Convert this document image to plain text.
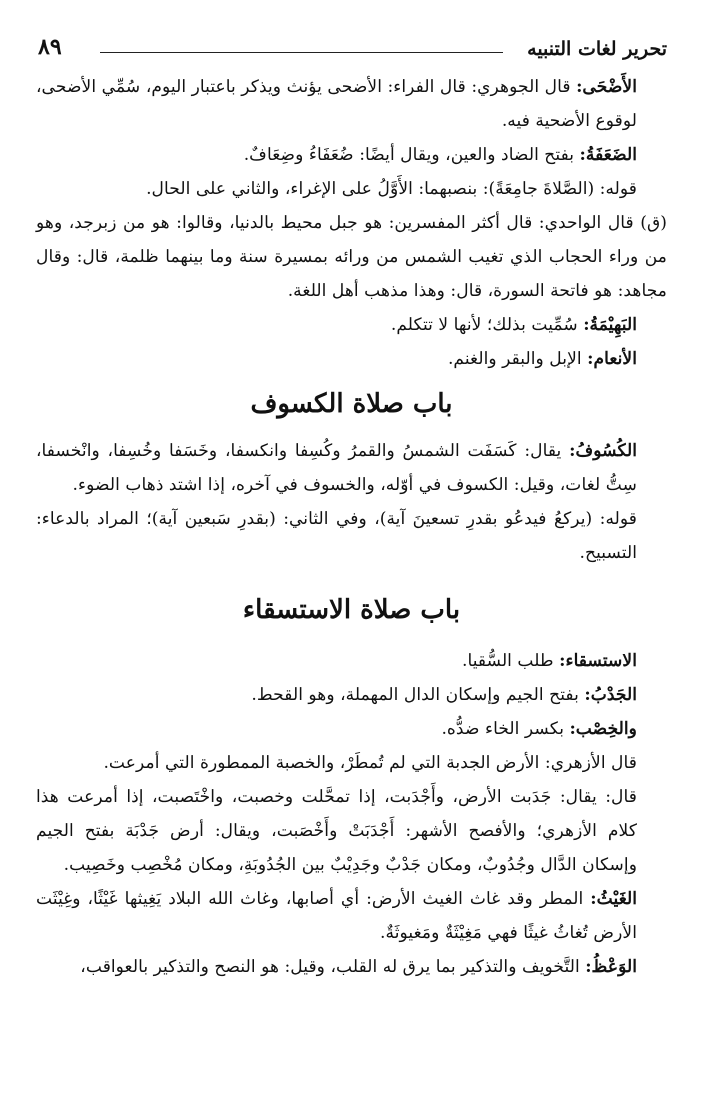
تحرير لغات التنبيه
٨٩

الأَضْحَى: قال الجوهري: قال الفراء: الأضحى يؤنث ويذكر باعتبار اليوم، سُمِّي الأضحى، لوقوع الأضحية فيه.

الضَعَفَةُ: بفتح الضاد والعين، ويقال أيضًا: ضُعَفَاءُ وضِعَافٌ.

قوله: (الصَّلاةَ جامِعَةً): بنصبهما: الأَوَّلُ على الإغراء، والثاني على الحال.

(ق) قال الواحدي: قال أكثر المفسرين: هو جبل محيط بالدنيا، وقالوا: هو من زبرجد، وهو من وراء الحجاب الذي تغيب الشمس من ورائه بمسيرة سنة وما بينهما ظلمة، قال: وقال مجاهد: هو فاتحة السورة، قال: وهذا مذهب أهل اللغة.

البَهِيْمَةُ: سُمِّيت بذلك؛ لأنها لا تتكلم.

الأنعام: الإبل والبقر والغنم.

باب صلاة الكسوف

الكُسُوفُ: يقال: كَسَفَت الشمسُ والقمرُ وكُسِفا وانكسفا، وخَسَفا وخُسِفا، وانْخسفا، سِتُّ لغات، وقيل: الكسوف في أوّله، والخسوف في آخره، إذا اشتد ذهاب الضوء.

قوله: (يركعُ فيدعُو بقدرِ تسعينَ آية)، وفي الثاني: (بقدرِ سَبعين آية)؛ المراد بالدعاء: التسبيح.

باب صلاة الاستسقاء

الاستسقاء: طلب السُّقيا.

الجَدْبُ: بفتح الجيم وإسكان الدال المهملة، وهو القحط.

والخِصْب: بكسر الخاء ضدُّه.

قال الأزهري: الأرض الجدبة التي لم تُمطَرْ، والخصبة الممطورة التي أمرعت.

قال: يقال: جَدَبت الأرض، وأَجْدَبت، إذا تمحَّلت وخصبت، واخْتَصبت، إذا أمرعت هذا كلام الأزهري؛ والأفصح الأشهر: أَجْدَبَتْ وأَخْصَبت، ويقال: أرض جَدْبَة بفتح الجيم وإسكان الدَّال وجُدُوبٌ، ومكان جَدْبٌ وجَدِيْبٌ بين الجُدُوبَةِ، ومكان مُخْصِب وخَصِيب.

الغَيْثُ: المطر وقد غاث الغيث الأرض: أي أصابها، وغاث الله البلاد يَغِيثها غَيْثًا، وغِيْثَت الأرض تُغاثُ غيثًا فهي مَغِيْثَةٌ ومَغيوثَةٌ.

الوَعْظُ: التَّخويف والتذكير بما يرق له القلب، وقيل: هو النصح والتذكير بالعواقب،
